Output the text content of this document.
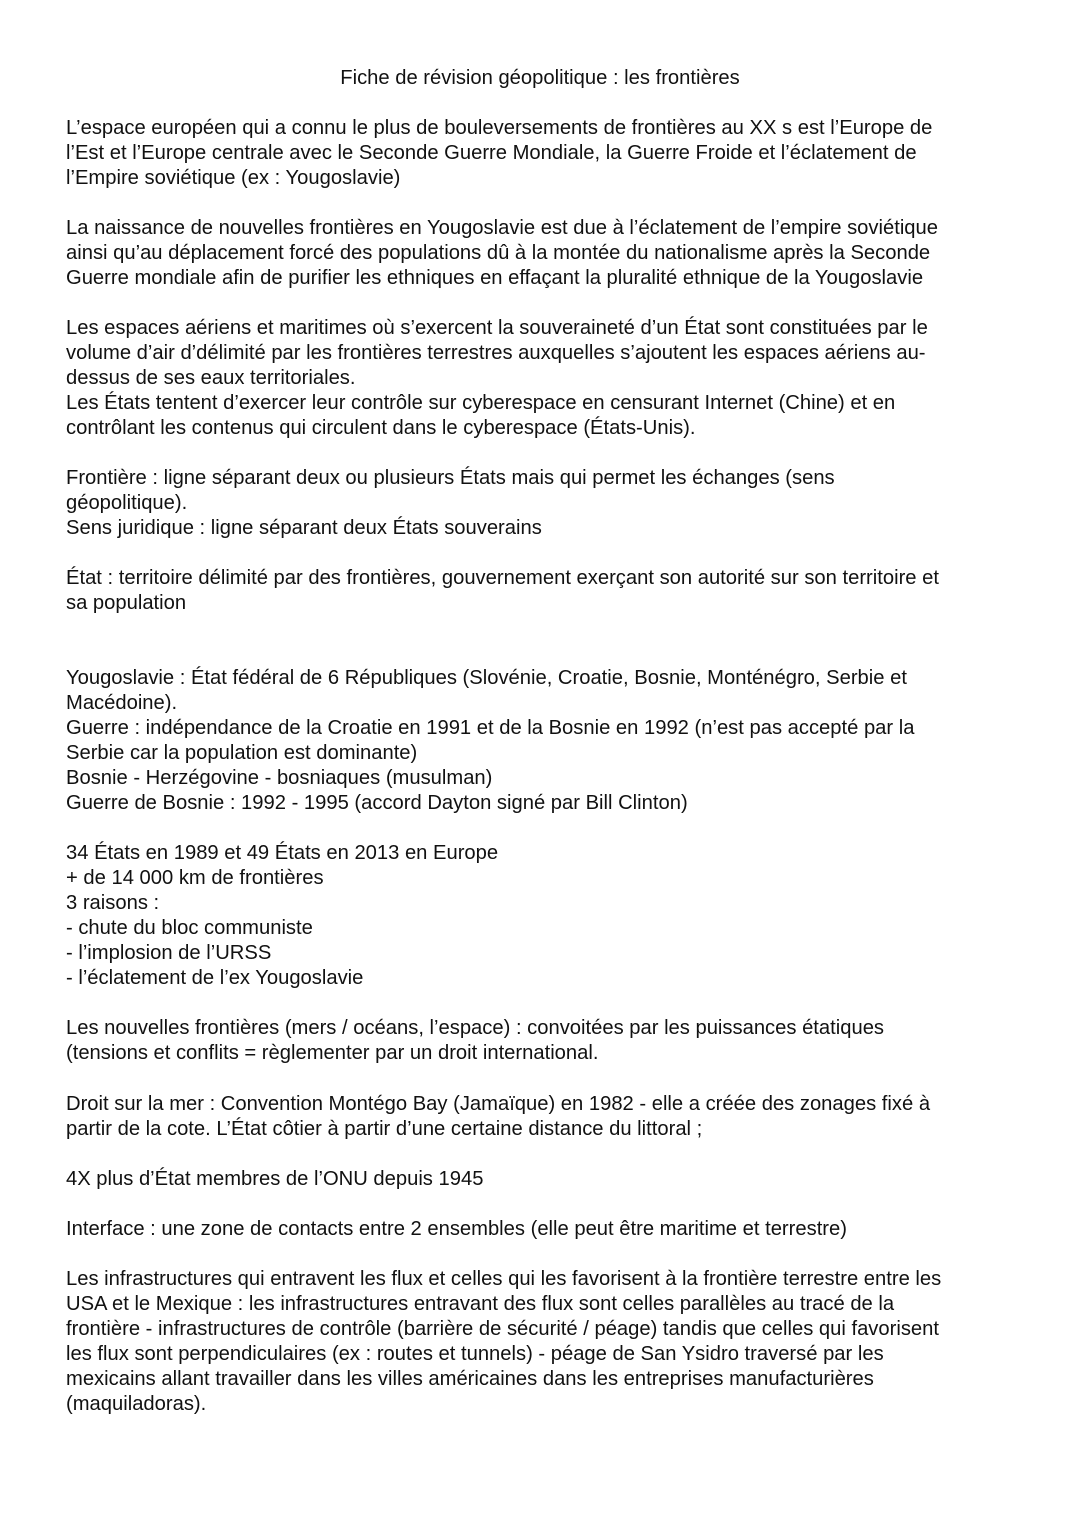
Fiche de révision géopolitique : les frontières
L’espace européen qui a connu le plus de bouleversements de frontières au XX s est l’Europe de
l’Est et l’Europe centrale avec le Seconde Guerre Mondiale, la Guerre Froide et l’éclatement de
l’Empire soviétique (ex : Yougoslavie)
La naissance de nouvelles frontières en Yougoslavie est due à l’éclatement de l’empire soviétique
ainsi qu’au déplacement forcé des populations dû à la montée du nationalisme après la Seconde
Guerre mondiale afin de purifier les ethniques en effaçant la pluralité ethnique de la Yougoslavie
Les espaces aériens et maritimes où s’exercent la souveraineté d’un État sont constituées par le
volume d’air d’délimité par les frontières terrestres auxquelles s’ajoutent les espaces aériens au-
dessus de ses eaux territoriales.
Les États tentent d’exercer leur contrôle sur cyberespace en censurant Internet (Chine) et en
contrôlant les contenus qui circulent dans le cyberespace (États-Unis).
Frontière : ligne séparant deux ou plusieurs États mais qui permet les échanges (sens
géopolitique).
Sens juridique : ligne séparant deux États souverains
État : territoire délimité par des frontières, gouvernement exerçant son autorité sur son territoire et
sa population
Yougoslavie : État fédéral de 6 Républiques (Slovénie, Croatie, Bosnie, Monténégro, Serbie et
Macédoine).
Guerre : indépendance de la Croatie en 1991 et de la Bosnie en 1992 (n’est pas accepté par la
Serbie car la population est dominante)
Bosnie - Herzégovine - bosniaques (musulman)
Guerre de Bosnie : 1992 - 1995 (accord Dayton signé par Bill Clinton)
34 États en 1989 et 49 États en 2013 en Europe
+ de 14 000 km de frontières
3 raisons :
- chute du bloc communiste
- l’implosion de l’URSS
- l’éclatement de l’ex Yougoslavie
Les nouvelles frontières (mers / océans, l’espace) : convoitées par les puissances étatiques
(tensions et conflits = règlementer par un droit international.
Droit sur la mer : Convention Montégo Bay (Jamaïque) en 1982 - elle a créée des zonages fixé à
partir de la cote. L’État côtier à partir d’une certaine distance du littoral ;
4X plus d’État membres de l’ONU depuis 1945
Interface : une zone de contacts entre 2 ensembles (elle peut être maritime et terrestre)
Les infrastructures qui entravent les flux et celles qui les favorisent à la frontière terrestre entre les
USA et le Mexique : les infrastructures entravant des flux sont celles parallèles au tracé de la
frontière - infrastructures de contrôle (barrière de sécurité / péage) tandis que celles qui favorisent
les flux sont perpendiculaires (ex : routes et tunnels) - péage de San Ysidro traversé par les
mexicains allant travailler dans les villes américaines dans les entreprises manufacturières
(maquiladoras).
